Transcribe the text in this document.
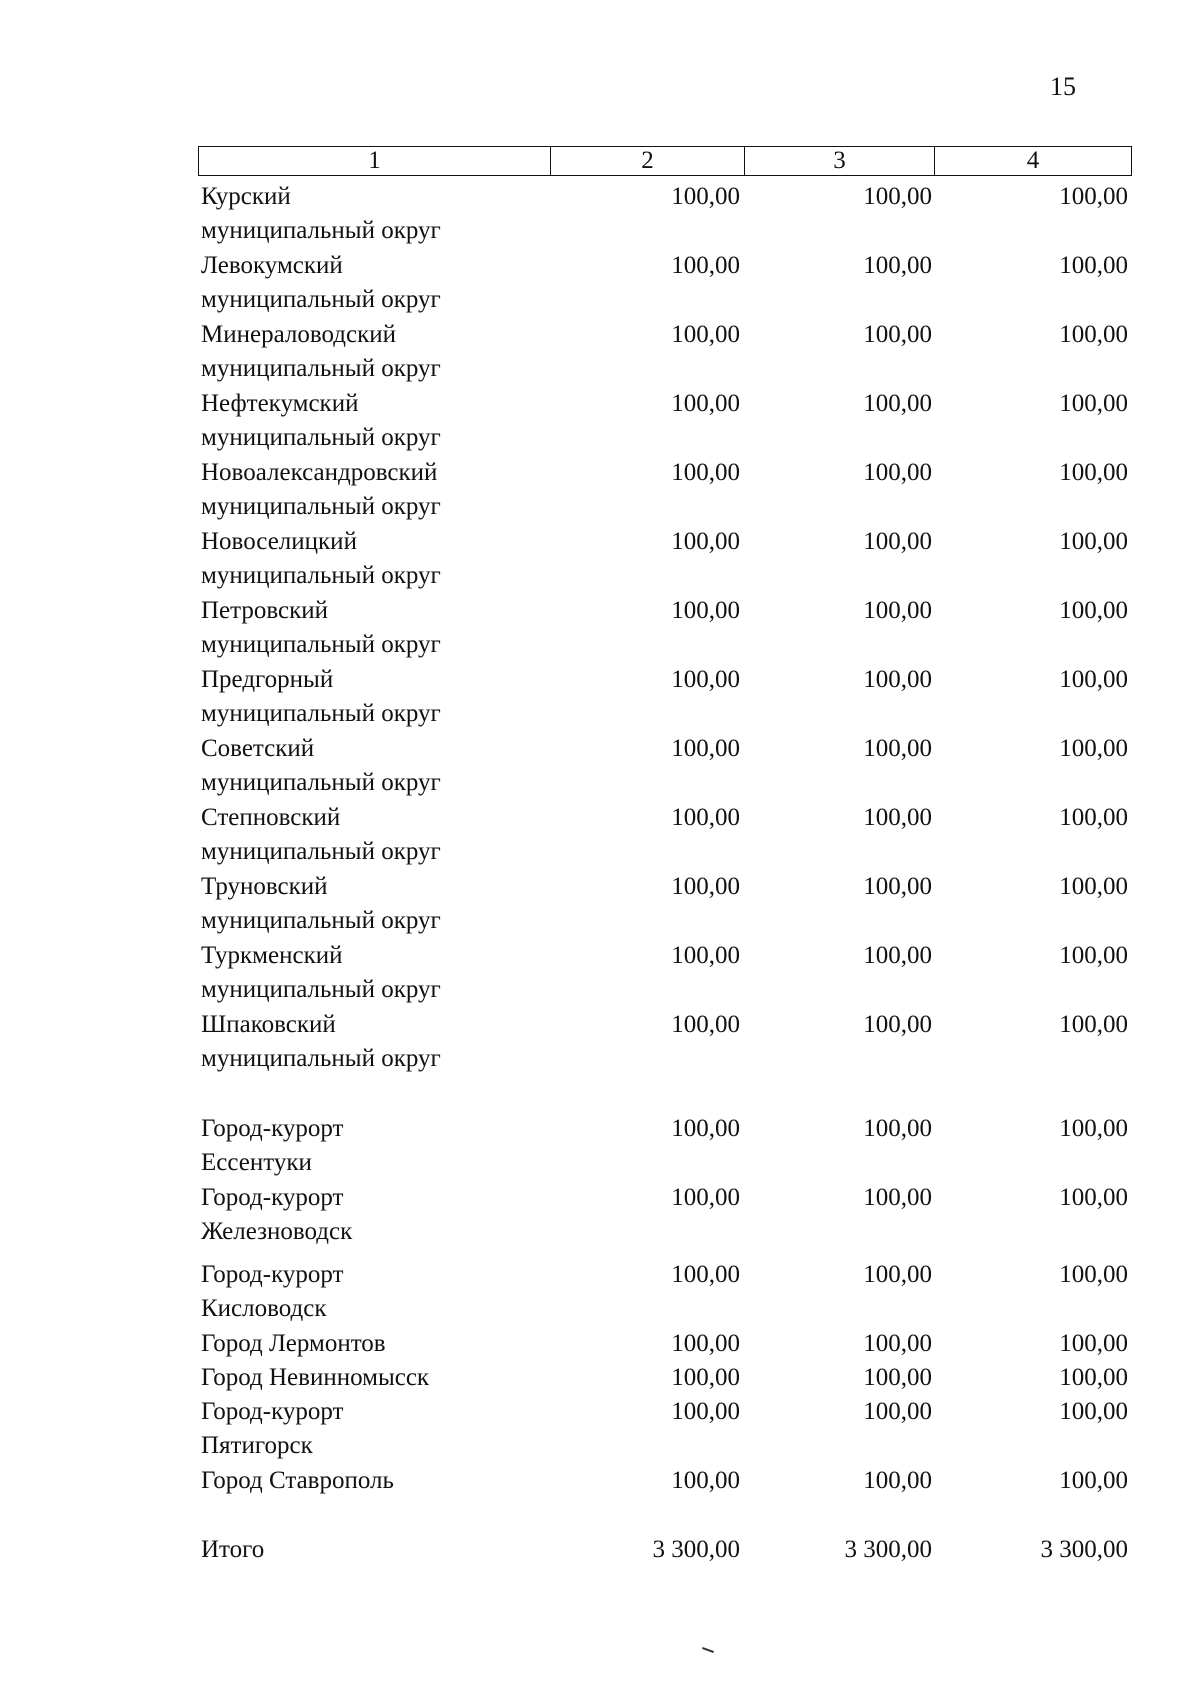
15
1	2	3	4
Курский
муниципальный округ
100,00	100,00	100,00
Левокумский
муниципальный округ
100,00	100,00	100,00
Минераловодский
муниципальный округ
100,00	100,00	100,00
Нефтекумский
муниципальный округ
100,00	100,00	100,00
Новоалександровский
муниципальный округ
100,00	100,00	100,00
Новоселицкий
муниципальный округ
100,00	100,00	100,00
Петровский
муниципальный округ
100,00	100,00	100,00
Предгорный
муниципальный округ
100,00	100,00	100,00
Советский
муниципальный округ
100,00	100,00	100,00
Степновский
муниципальный округ
100,00	100,00	100,00
Труновский
муниципальный округ
100,00	100,00	100,00
Туркменский
муниципальный округ
100,00	100,00	100,00
Шпаковский
муниципальный округ
100,00	100,00	100,00
Город-курорт
Ессентуки
100,00	100,00	100,00
Город-курорт
Железноводск
100,00	100,00	100,00
Город-курорт
Кисловодск
100,00	100,00	100,00
Город Лермонтов	100,00	100,00	100,00
Город Невинномысск	100,00	100,00	100,00
Город-курорт
Пятигорск
100,00	100,00	100,00
Город Ставрополь	100,00	100,00	100,00
Итого	3 300,00	3 300,00	3 300,00
